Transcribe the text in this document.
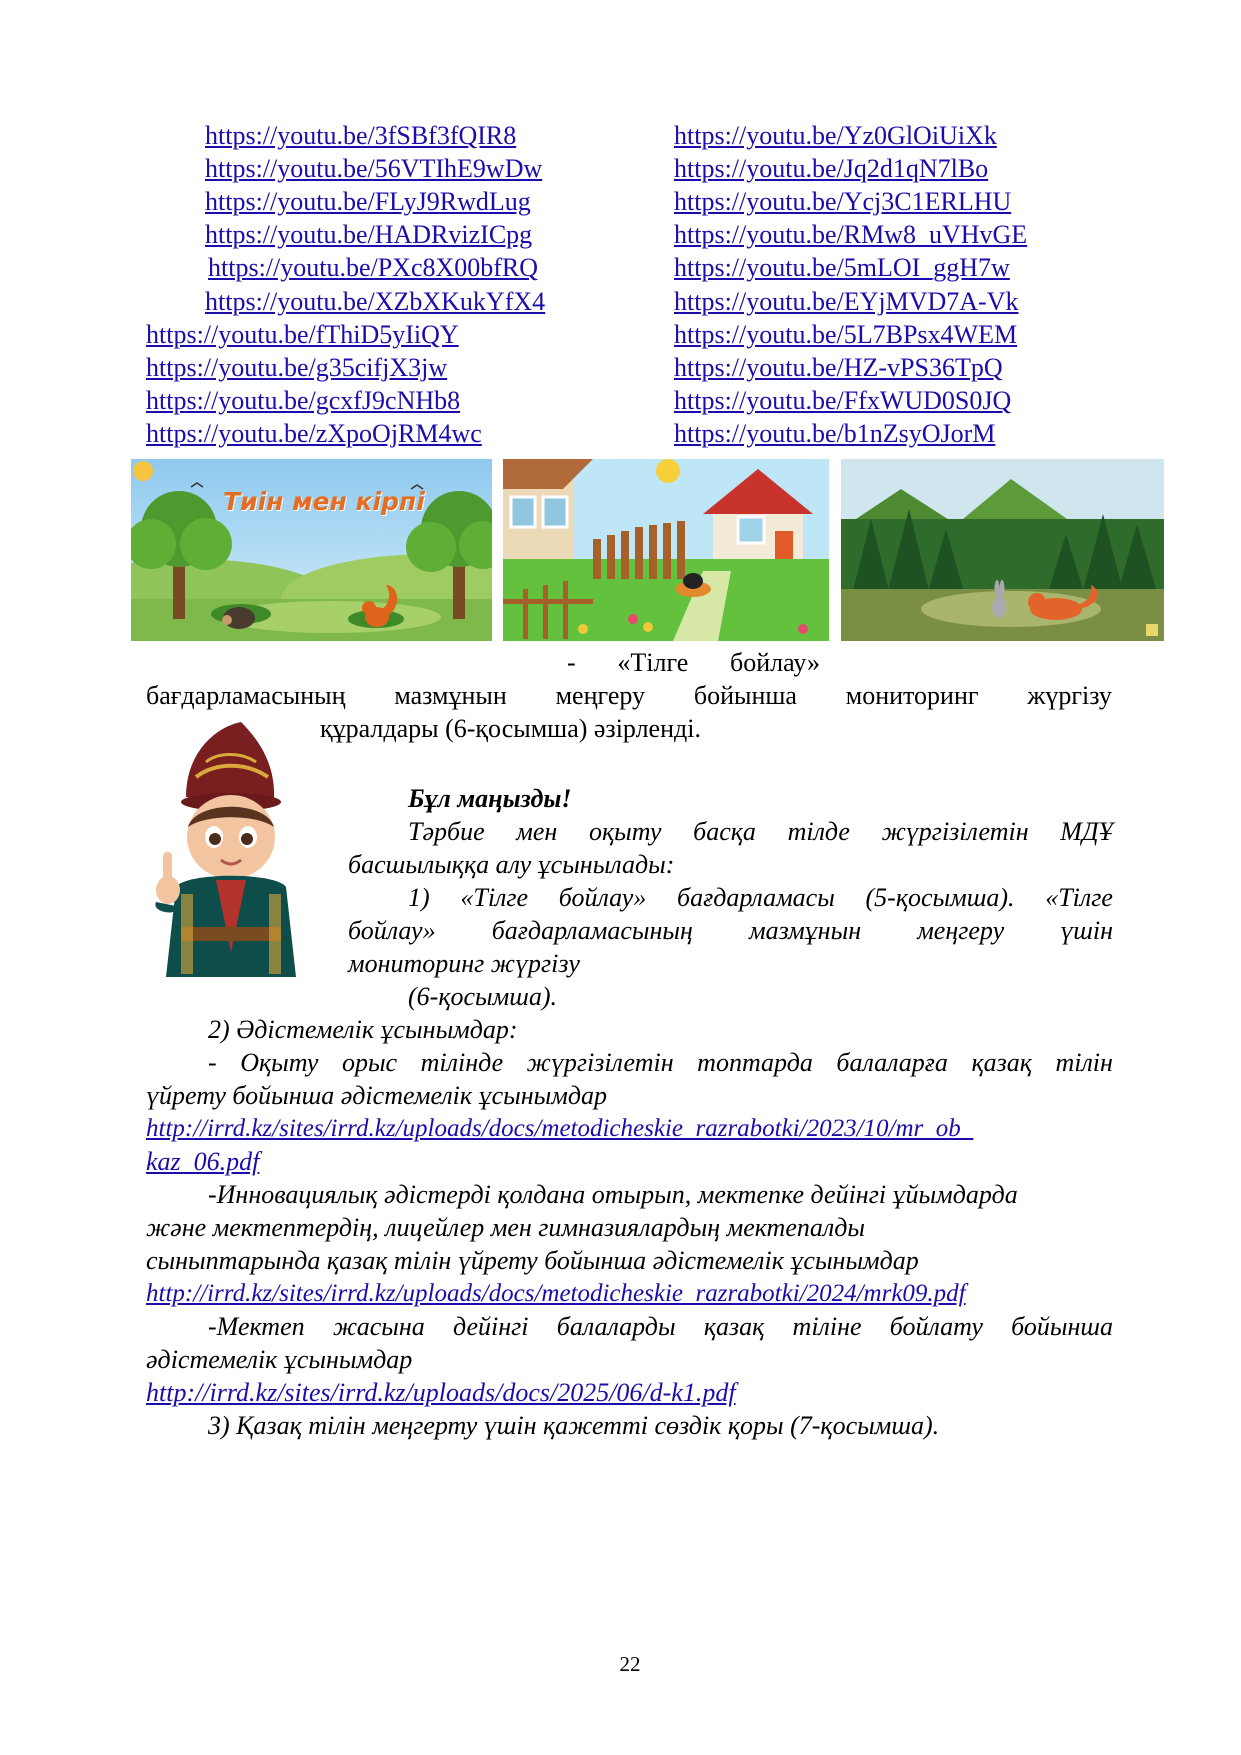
https://youtu.be/3fSBf3fQIR8
https://youtu.be/56VTIhE9wDw
https://youtu.be/FLyJ9RwdLug
https://youtu.be/HADRvizICpg
https://youtu.be/PXc8X00bfRQ
https://youtu.be/XZbXKukYfX4
https://youtu.be/fThiD5yIiQY
https://youtu.be/g35cifjX3jw
https://youtu.be/gcxfJ9cNHb8
https://youtu.be/zXpoOjRM4wc
https://youtu.be/Yz0GlOiUiXk
https://youtu.be/Jq2d1qN7lBo
https://youtu.be/Ycj3C1ERLHU
https://youtu.be/RMw8_uVHvGE
https://youtu.be/5mLOI_ggH7w
https://youtu.be/EYjMVD7A-Vk
https://youtu.be/5L7BPsx4WEM
https://youtu.be/HZ-vPS36TpQ
https://youtu.be/FfxWUD0S0JQ
https://youtu.be/b1nZsyOJorM
Тиін мен кірпі
- «Тілге бойлау»
бағдарламасының мазмұнын меңгеру бойынша мониторинг жүргізу
құралдары (6-қосымша) әзірленді.
Бұл маңызды!
Тәрбие мен оқыту басқа тілде жүргізілетін МДҰ
басшылыққа алу ұсынылады:
1) «Тілге бойлау» бағдарламасы (5-қосымша). «Тілге
бойлау» бағдарламасының мазмұнын меңгеру үшін
мониторинг жүргізу
(6-қосымша).
2) Әдістемелік ұсынымдар:
- Оқыту орыс тілінде жүргізілетін топтарда балаларға қазақ тілін
үйрету бойынша әдістемелік ұсынымдар
http://irrd.kz/sites/irrd.kz/uploads/docs/metodicheskie_razrabotki/2023/10/mr_ob_
kaz_06.pdf
-Инновациялық әдістерді қолдана отырып, мектепке дейінгі ұйымдарда
және мектептердің, лицейлер мен гимназиялардың мектепалды
сыныптарында қазақ тілін үйрету бойынша әдістемелік ұсынымдар
http://irrd.kz/sites/irrd.kz/uploads/docs/metodicheskie_razrabotki/2024/mrk09.pdf
-Мектеп жасына дейінгі балаларды қазақ тіліне бойлату бойынша
әдістемелік ұсынымдар
http://irrd.kz/sites/irrd.kz/uploads/docs/2025/06/d-k1.pdf
3) Қазақ тілін меңгерту үшін қажетті сөздік қоры (7-қосымша).
22
